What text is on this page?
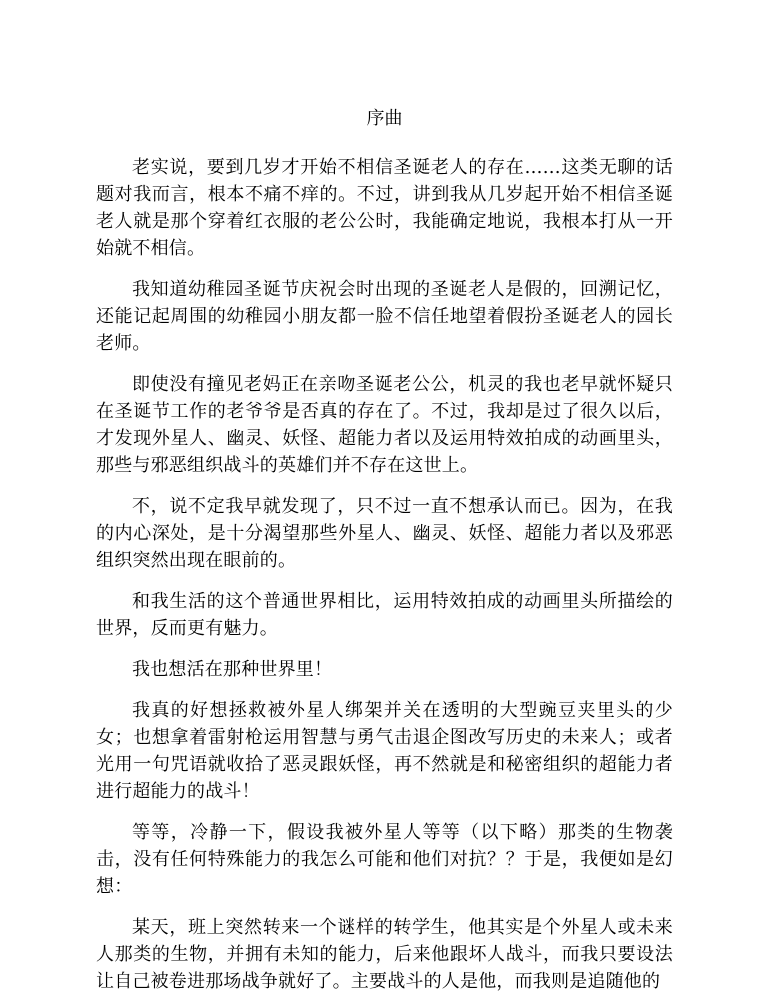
序曲

老实说，要到几岁才开始不相信圣诞老人的存在……这类无聊的话题对我而言，根本不痛不痒的。不过，讲到我从几岁起开始不相信圣诞老人就是那个穿着红衣服的老公公时，我能确定地说，我根本打从一开始就不相信。

我知道幼稚园圣诞节庆祝会时出现的圣诞老人是假的，回溯记忆，还能记起周围的幼稚园小朋友都一脸不信任地望着假扮圣诞老人的园长老师。

即使没有撞见老妈正在亲吻圣诞老公公，机灵的我也老早就怀疑只在圣诞节工作的老爷爷是否真的存在了。不过，我却是过了很久以后，才发现外星人、幽灵、妖怪、超能力者以及运用特效拍成的动画里头，那些与邪恶组织战斗的英雄们并不存在这世上。

不，说不定我早就发现了，只不过一直不想承认而已。因为，在我的内心深处，是十分渴望那些外星人、幽灵、妖怪、超能力者以及邪恶组织突然出现在眼前的。

和我生活的这个普通世界相比，运用特效拍成的动画里头所描绘的世界，反而更有魅力。

我也想活在那种世界里！

我真的好想拯救被外星人绑架并关在透明的大型豌豆夹里头的少女；也想拿着雷射枪运用智慧与勇气击退企图改写历史的未来人；或者光用一句咒语就收拾了恶灵跟妖怪，再不然就是和秘密组织的超能力者进行超能力的战斗！

等等，冷静一下，假设我被外星人等等（以下略）那类的生物袭击，没有任何特殊能力的我怎么可能和他们对抗？？于是，我便如是幻想：

某天，班上突然转来一个谜样的转学生，他其实是个外星人或未来人那类的生物，并拥有未知的能力，后来他跟坏人战斗，而我只要设法让自己被卷进那场战争就好了。主要战斗的人是他，而我则是追随他的
